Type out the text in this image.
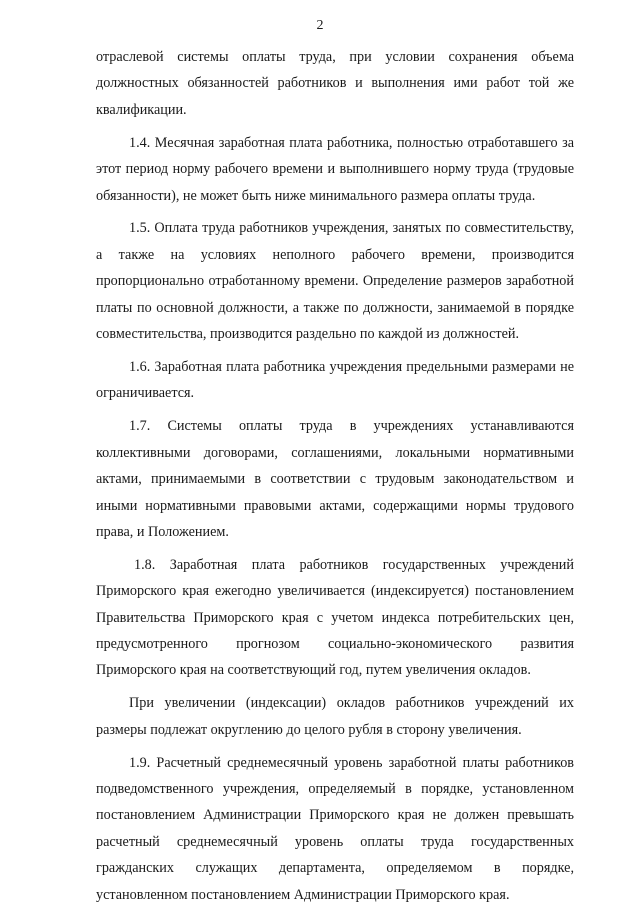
2

отраслевой системы оплаты труда, при условии сохранения объема должностных обязанностей работников и выполнения ими работ той же квалификации.

1.4. Месячная заработная плата работника, полностью отработавшего за этот период норму рабочего времени и выполнившего норму труда (трудовые обязанности), не может быть ниже минимального размера оплаты труда.

1.5. Оплата труда работников учреждения, занятых по совместительству, а также на условиях неполного рабочего времени, производится пропорционально отработанному времени. Определение размеров заработной платы по основной должности, а также по должности, занимаемой в порядке совместительства, производится раздельно по каждой из должностей.

1.6. Заработная плата работника учреждения предельными размерами не ограничивается.

1.7. Системы оплаты труда в учреждениях устанавливаются коллективными договорами, соглашениями, локальными нормативными актами, принимаемыми в соответствии с трудовым законодательством и иными нормативными правовыми актами, содержащими нормы трудового права, и Положением.

1.8. Заработная плата работников государственных учреждений Приморского края ежегодно увеличивается (индексируется) постановлением Правительства Приморского края с учетом индекса потребительских цен, предусмотренного прогнозом социально-экономического развития Приморского края на соответствующий год, путем увеличения окладов.

При увеличении (индексации) окладов работников учреждений их размеры подлежат округлению до целого рубля в сторону увеличения.

1.9. Расчетный среднемесячный уровень заработной платы работников подведомственного учреждения, определяемый в порядке, установленном постановлением Администрации Приморского края не должен превышать расчетный среднемесячный уровень оплаты труда государственных гражданских служащих департамента, определяемом в порядке, установленном постановлением Администрации Приморского края.
